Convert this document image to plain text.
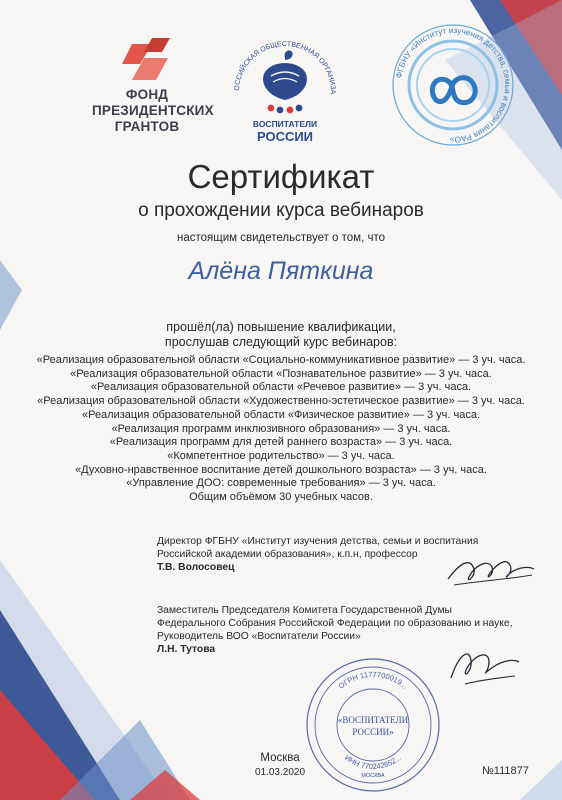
ФОНД
ПРЕЗИДЕНТСКИХ
ГРАНТОВ
ОССИЙСКАЯ ОБЩЕСТВЕННАЯ ОРГАНИЗА
ВОСПИТАТЕЛИ
РОССИИ
ФГБНУ «Институт изучения детства, семьи и воспитания РАО»
Сертификат
о прохождении курса вебинаров
настоящим свидетельствует о том, что
Алёна Пяткина
прошёл(ла) повышение квалификации,
прослушав следующий курс вебинаров:
«Реализация образовательной области «Социально-коммуникативное развитие» — 3 уч. часа.
«Реализация образовательной области «Познавательное развитие» — 3 уч. часа.
«Реализация образовательной области «Речевое развитие» — 3 уч. часа.
«Реализация образовательной области «Художественно-эстетическое развитие» — 3 уч. часа.
«Реализация образовательной области «Физическое развитие» — 3 уч. часа.
«Реализация программ инклюзивного образования» — 3 уч. часа.
«Реализация программ для детей раннего возраста» — 3 уч. часа.
«Компетентное родительство» — 3 уч. часа.
«Духовно-нравственное воспитание детей дошкольного возраста» — 3 уч. часа.
«Управление ДОО: современные требования» — 3 уч. часа.
Общим объёмом 30 учебных часов.
Директор ФГБНУ «Институт изучения детства, семьи и воспитания
Российской академии образования», к.п.н, профессор
Т.В. Волосовец
Заместитель Председателя Комитета Государственной Думы
Федерального Собрания Российской Федерации по образованию и науке,
Руководитель ВОО «Воспитатели России»
Л.Н. Тутова
ОГРН 1177700019...
ИНН 770242652...
«ВОСПИТАТЕЛИ
РОССИИ»
МОСКВА
Москва
01.03.2020	№111877
